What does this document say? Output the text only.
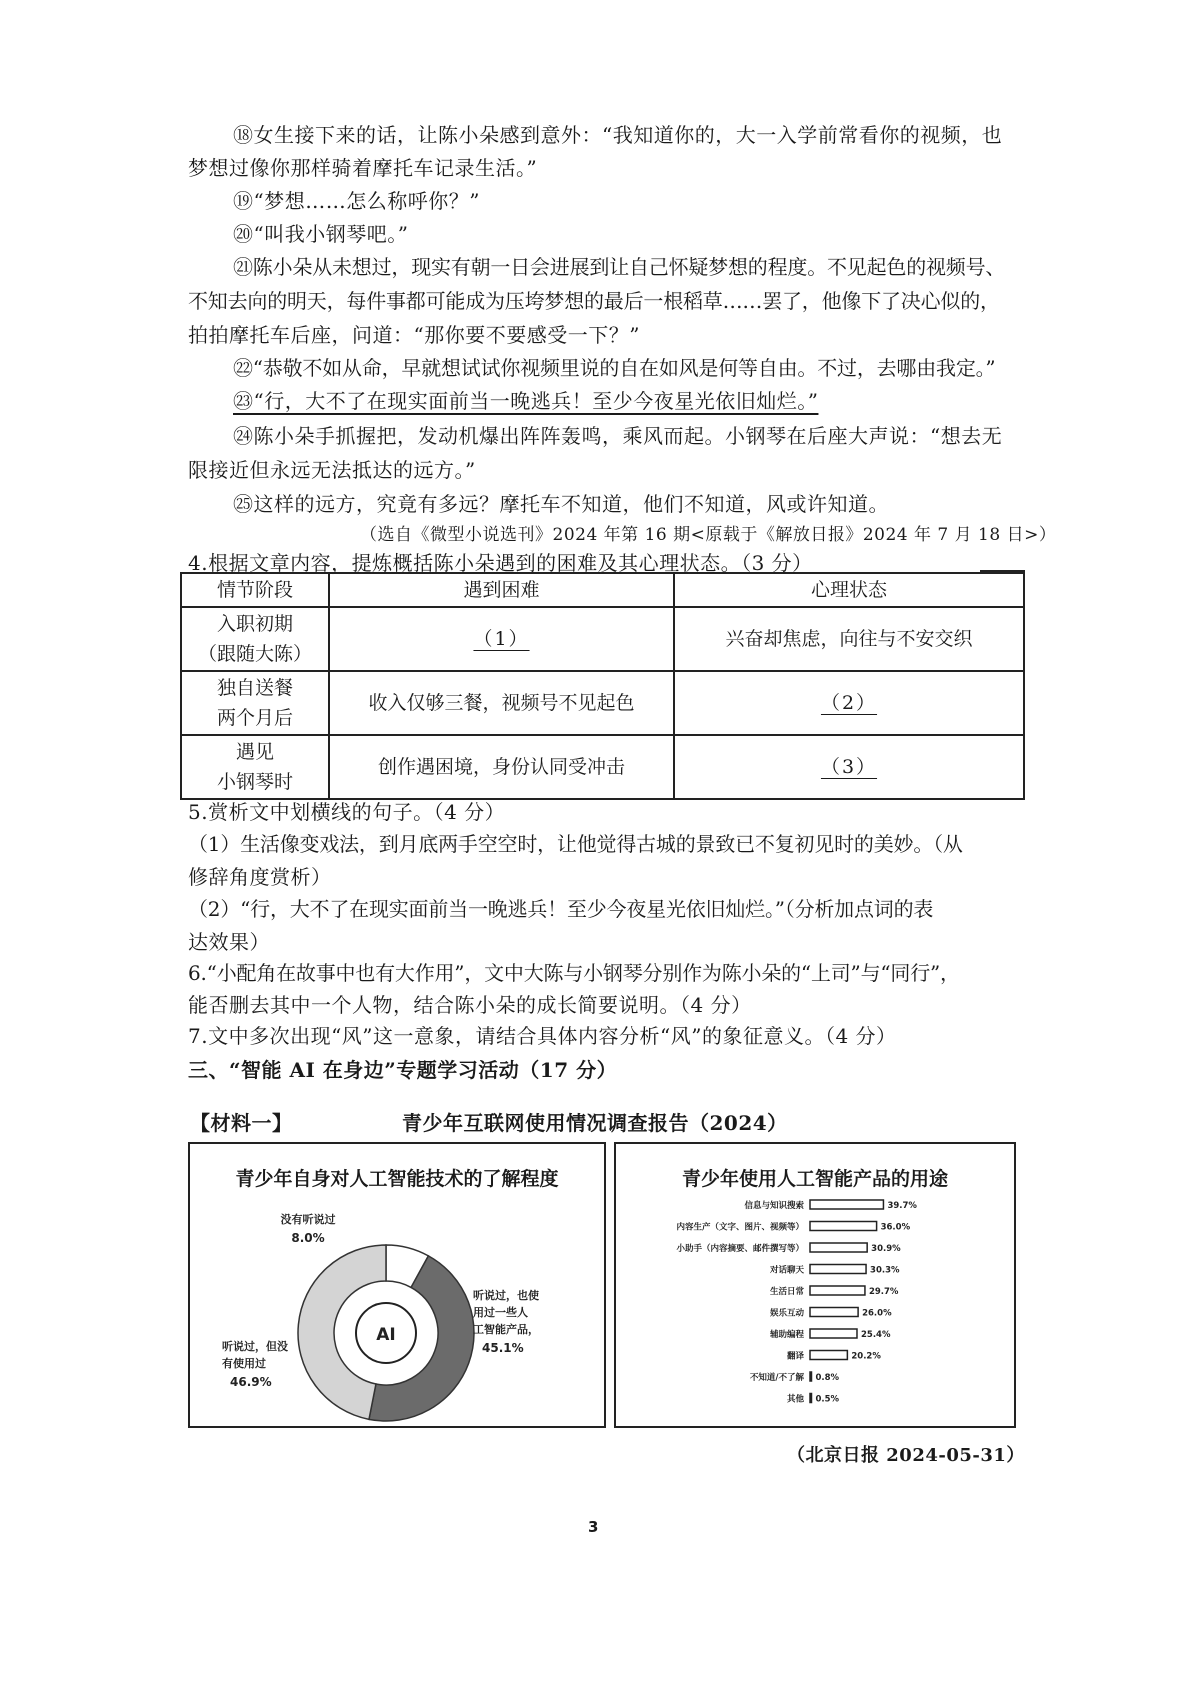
⑱女生接下来的话，让陈小朵感到意外：“我知道你的，大一入学前常看你的视频，也
梦想过像你那样骑着摩托车记录生活。”
⑲“梦想……怎么称呼你？”
⑳“叫我小钢琴吧。”
㉑陈小朵从未想过，现实有朝一日会进展到让自己怀疑梦想的程度。不见起色的视频号、
不知去向的明天，每件事都可能成为压垮梦想的最后一根稻草……罢了，他像下了决心似的，
拍拍摩托车后座，问道：“那你要不要感受一下？”
㉒“恭敬不如从命，早就想试试你视频里说的自在如风是何等自由。不过，去哪由我定。”
㉓“行，大不了在现实面前当一晚逃兵！至少今夜星光依旧灿烂。”
㉔陈小朵手抓握把，发动机爆出阵阵轰鸣，乘风而起。小钢琴在后座大声说：“想去无
限接近但永远无法抵达的远方。”
㉕这样的远方，究竟有多远？摩托车不知道，他们不知道，风或许知道。
（选自《微型小说选刊》2024 年第 16 期<原载于《解放日报》2024 年 7 月 18 日>）
4.根据文章内容，提炼概括陈小朵遇到的困难及其心理状态。（3 分）
情节阶段	遇到困难	心理状态
入职初期
（跟随大陈）	（1）	兴奋却焦虑，向往与不安交织
独自送餐
两个月后	收入仅够三餐，视频号不见起色	（2）
遇见
小钢琴时	创作遇困境，身份认同受冲击	（3）
5.赏析文中划横线的句子。（4 分）
（1）生活像变戏法，到月底两手空空时，让他觉得古城的景致已不复初见时的美妙。（从
修辞角度赏析）
（2）“行，大不了在现实面前当一晚逃兵！至少今夜星光依旧灿烂。”（分析加点词的表
达效果）
6.“小配角在故事中也有大作用”，文中大陈与小钢琴分别作为陈小朵的“上司”与“同行”，
能否删去其中一个人物，结合陈小朵的成长简要说明。（4 分）
7.文中多次出现“风”这一意象，请结合具体内容分析“风”的象征意义。（4 分）
三、“智能 AI 在身边”专题学习活动（17 分）
【材料一】	青少年互联网使用情况调查报告（2024）
青少年自身对人工智能技术的了解程度
AI
没有听说过
8.0%
听说过，也使用过一些人工智能产品，
45.1%
听说过，但没有使用过
46.9%
青少年使用人工智能产品的用途
信息与知识搜索	39.7%
内容生产（文字、图片、视频等）	36.0%
小助手（内容摘要、邮件撰写等）	30.9%
对话聊天	30.3%
生活日常	29.7%
娱乐互动	26.0%
辅助编程	25.4%
翻译	20.2%
不知道/不了解 0.8%
其他 0.5%
（北京日报 2024-05-31）
3
